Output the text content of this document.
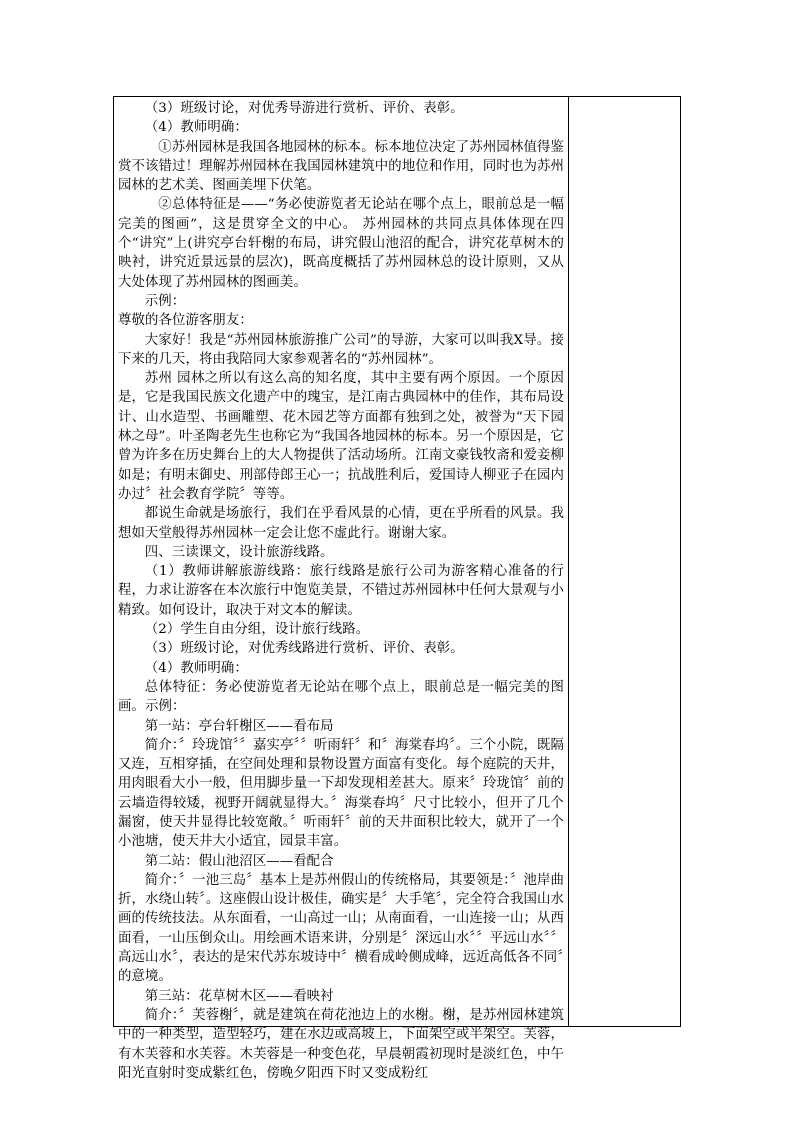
（3）班级讨论，对优秀导游进行赏析、评价、表彰。

（4）教师明确：

①苏州园林是我国各地园林的标本。标本地位决定了苏州园林值得鉴赏不该错过！理解苏州园林在我国园林建筑中的地位和作用，同时也为苏州园林的艺术美、图画美埋下伏笔。

②总体特征是——“务必使游览者无论站在哪个点上，眼前总是一幅完美的图画”，这是贯穿全文的中心。 苏州园林的共同点具体体现在四个“讲究”上(讲究亭台轩榭的布局，讲究假山池沼的配合，讲究花草树木的映衬，讲究近景远景的层次)，既高度概括了苏州园林总的设计原则，又从大处体现了苏州园林的图画美。

示例：

尊敬的各位游客朋友：

大家好！我是“苏州园林旅游推广公司”的导游，大家可以叫我X导。接下来的几天，将由我陪同大家参观著名的“苏州园林”。

苏州 园林之所以有这么高的知名度，其中主要有两个原因。一个原因是，它是我国民族文化遗产中的瑰宝，是江南古典园林中的佳作，其布局设计、山水造型、书画雕塑、花木园艺等方面都有独到之处，被誉为“天下园林之母”。叶圣陶老先生也称它为“我国各地园林的标本。另一个原因是，它曾为许多在历史舞台上的大人物提供了活动场所。江南文豪钱牧斋和爱妾柳如是；有明末御史、刑部侍郎王心一；抗战胜利后，爱国诗人柳亚子在园内办过〞社会教育学院〞等等。

都说生命就是场旅行，我们在乎看风景的心情，更在乎所看的风景。我想如天堂般得苏州园林一定会让您不虚此行。谢谢大家。

四、三读课文，设计旅游线路。

（1）教师讲解旅游线路：旅行线路是旅行公司为游客精心准备的行程，力求让游客在本次旅行中饱览美景，不错过苏州园林中任何大景观与小精致。如何设计，取决于对文本的解读。

（2）学生自由分组，设计旅行线路。

（3）班级讨论，对优秀线路进行赏析、评价、表彰。

（4）教师明确：

总体特征：务必使游览者无论站在哪个点上，眼前总是一幅完美的图画。示例：

第一站：亭台轩榭区——看布局

简介：〞玲珑馆〞〞嘉实亭〞〞听雨轩〞和〞海棠春坞〞。三个小院，既隔又连，互相穿插，在空间处理和景物设置方面富有变化。每个庭院的天井，用肉眼看大小一般，但用脚步量一下却发现相差甚大。原来〞玲珑馆〞前的云墙造得较矮，视野开阔就显得大。〞海棠春坞〞尺寸比较小，但开了几个漏窗，使天井显得比较宽敞。〞听雨轩〞前的天井面积比较大，就开了一个小池塘，使天井大小适宜，园景丰富。

第二站：假山池沼区——看配合

简介：〞一池三岛〞基本上是苏州假山的传统格局，其要领是：〞池岸曲折，水绕山转〞。这座假山设计极佳，确实是〞大手笔〞，完全符合我国山水画的传统技法。从东面看，一山高过一山；从南面看，一山连接一山；从西面看，一山压倒众山。用绘画术语来讲，分别是〞深远山水〞〞平远山水〞〞高远山水〞，表达的是宋代苏东坡诗中〞横看成岭侧成峰，远近高低各不同〞的意境。

第三站：花草树木区——看映衬

简介：〞芙蓉榭〞，就是建筑在荷花池边上的水榭。榭，是苏州园林建筑中的一种类型，造型轻巧，建在水边或高坡上，下面架空或半架空。芙蓉，有木芙蓉和水芙蓉。木芙蓉是一种变色花，早晨朝霞初现时是淡红色，中午阳光直射时变成紫红色，傍晚夕阳西下时又变成粉红
